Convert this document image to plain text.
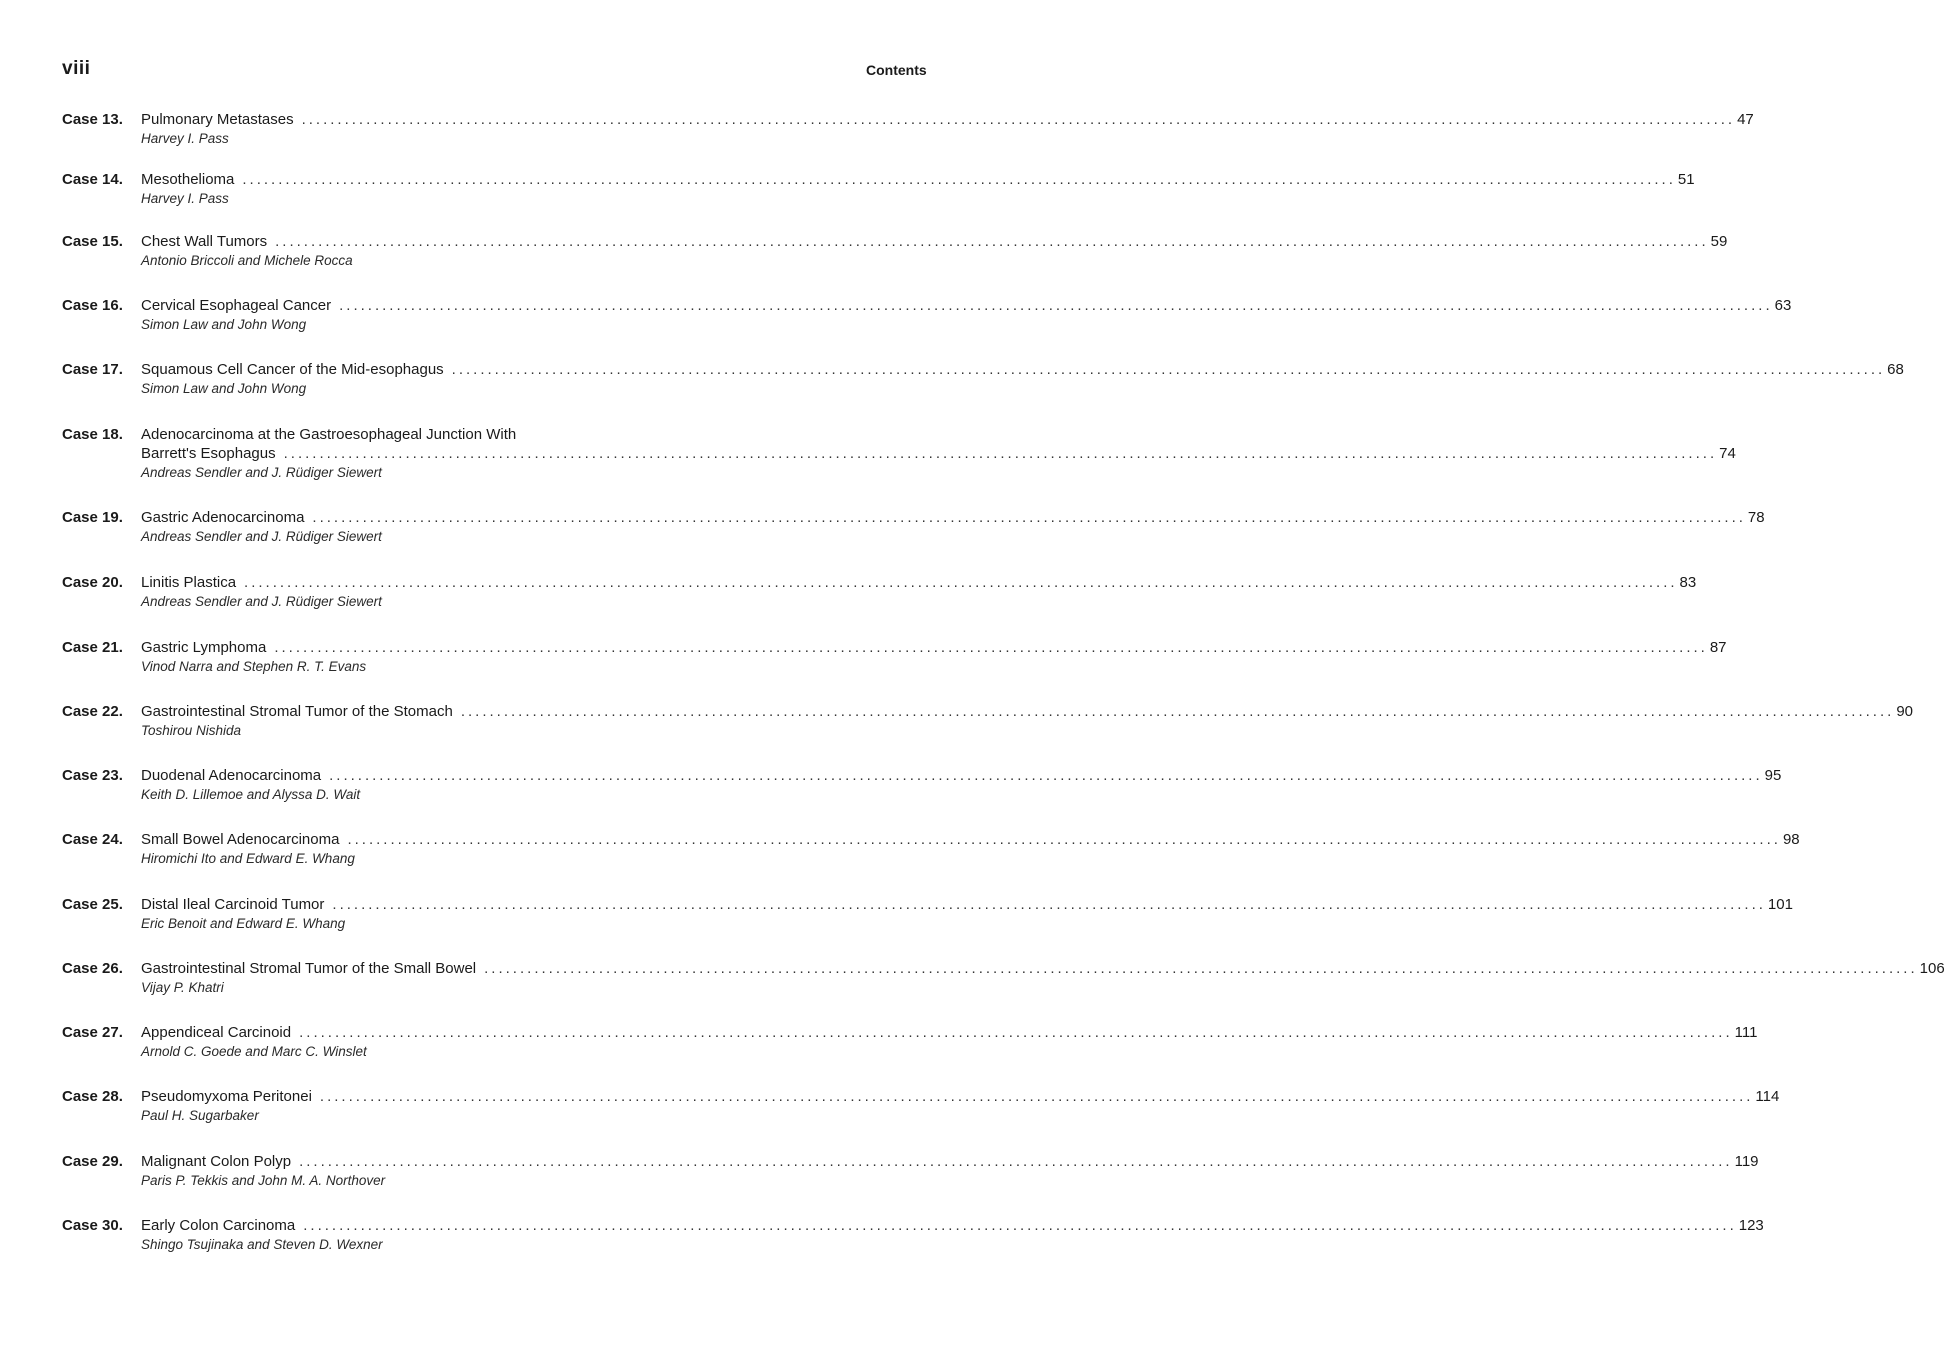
viii	Contents
Case 13.	Pulmonary Metastases ........................................................................................................................................................................................................ 47
Harvey I. Pass
Case 14.	Mesothelioma ........................................................................................................................................................................................................ 51
Harvey I. Pass
Case 15.	Chest Wall Tumors ........................................................................................................................................................................................................ 59
Antonio Briccoli and Michele Rocca
Case 16.	Cervical Esophageal Cancer ........................................................................................................................................................................................................ 63
Simon Law and John Wong
Case 17.	Squamous Cell Cancer of the Mid-esophagus ........................................................................................................................................................................................................ 68
Simon Law and John Wong
Case 18.	Adenocarcinoma at the Gastroesophageal Junction With
Barrett's Esophagus ........................................................................................................................................................................................................ 74
Andreas Sendler and J. Rüdiger Siewert
Case 19.	Gastric Adenocarcinoma ........................................................................................................................................................................................................ 78
Andreas Sendler and J. Rüdiger Siewert
Case 20.	Linitis Plastica ........................................................................................................................................................................................................ 83
Andreas Sendler and J. Rüdiger Siewert
Case 21.	Gastric Lymphoma ........................................................................................................................................................................................................ 87
Vinod Narra and Stephen R. T. Evans
Case 22.	Gastrointestinal Stromal Tumor of the Stomach ........................................................................................................................................................................................................ 90
Toshirou Nishida
Case 23.	Duodenal Adenocarcinoma ........................................................................................................................................................................................................ 95
Keith D. Lillemoe and Alyssa D. Wait
Case 24.	Small Bowel Adenocarcinoma ........................................................................................................................................................................................................ 98
Hiromichi Ito and Edward E. Whang
Case 25.	Distal Ileal Carcinoid Tumor ........................................................................................................................................................................................................ 101
Eric Benoit and Edward E. Whang
Case 26.	Gastrointestinal Stromal Tumor of the Small Bowel ........................................................................................................................................................................................................ 106
Vijay P. Khatri
Case 27.	Appendiceal Carcinoid ........................................................................................................................................................................................................ 111
Arnold C. Goede and Marc C. Winslet
Case 28.	Pseudomyxoma Peritonei ........................................................................................................................................................................................................ 114
Paul H. Sugarbaker
Case 29.	Malignant Colon Polyp ........................................................................................................................................................................................................ 119
Paris P. Tekkis and John M. A. Northover
Case 30.	Early Colon Carcinoma ........................................................................................................................................................................................................ 123
Shingo Tsujinaka and Steven D. Wexner
